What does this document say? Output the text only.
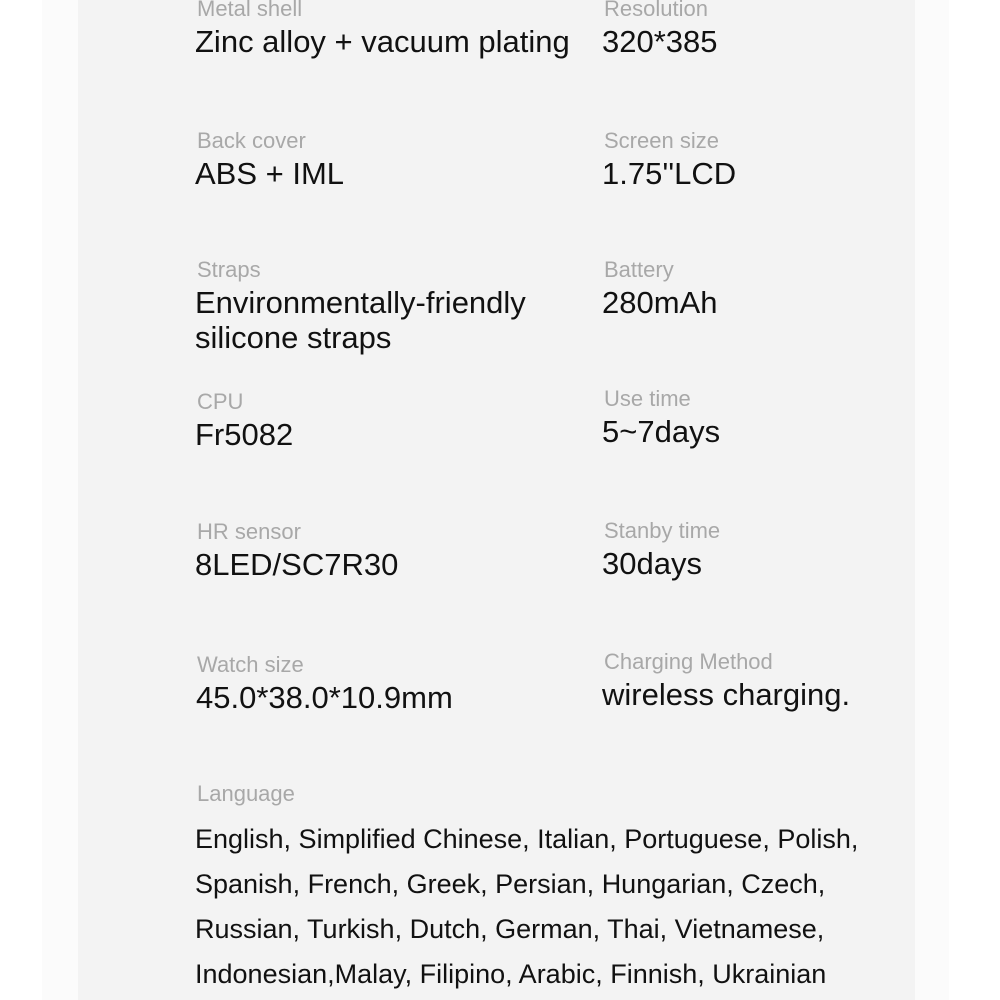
Metal shell
Zinc alloy + vacuum plating
Back cover
ABS + IML
Straps
Environmentally-friendly silicone straps
CPU
Fr5082
HR sensor
8LED/SC7R30
Watch size
45.0*38.0*10.9mm
Resolution
320*385
Screen size
1.75''LCD
Battery
280mAh
Use time
5~7days
Stanby time
30days
Charging Method
wireless charging.
Language
English, Simplified Chinese, Italian, Portuguese, Polish, Spanish, French, Greek, Persian, Hungarian, Czech, Russian, Turkish, Dutch, German, Thai, Vietnamese, Indonesian,Malay, Filipino, Arabic, Finnish, Ukrainian
